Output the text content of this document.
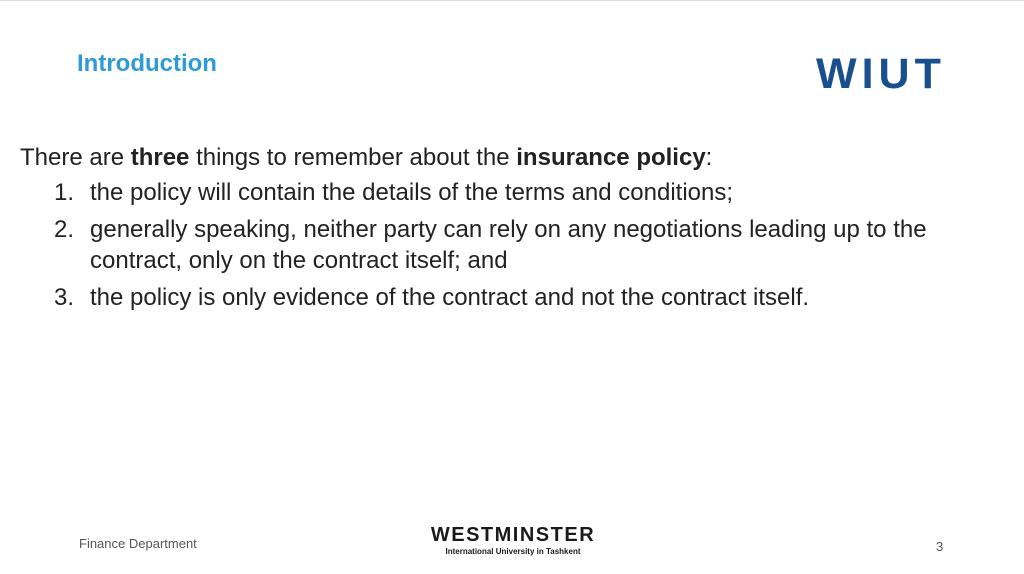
Introduction	WIUT

There are three things to remember about the insurance policy:

1. the policy will contain the details of the terms and conditions;
2. generally speaking, neither party can rely on any negotiations leading up to the contract, only on the contract itself; and
3. the policy is only evidence of the contract and not the contract itself.
Finance Department	WESTMINSTER
International University in Tashkent	3
